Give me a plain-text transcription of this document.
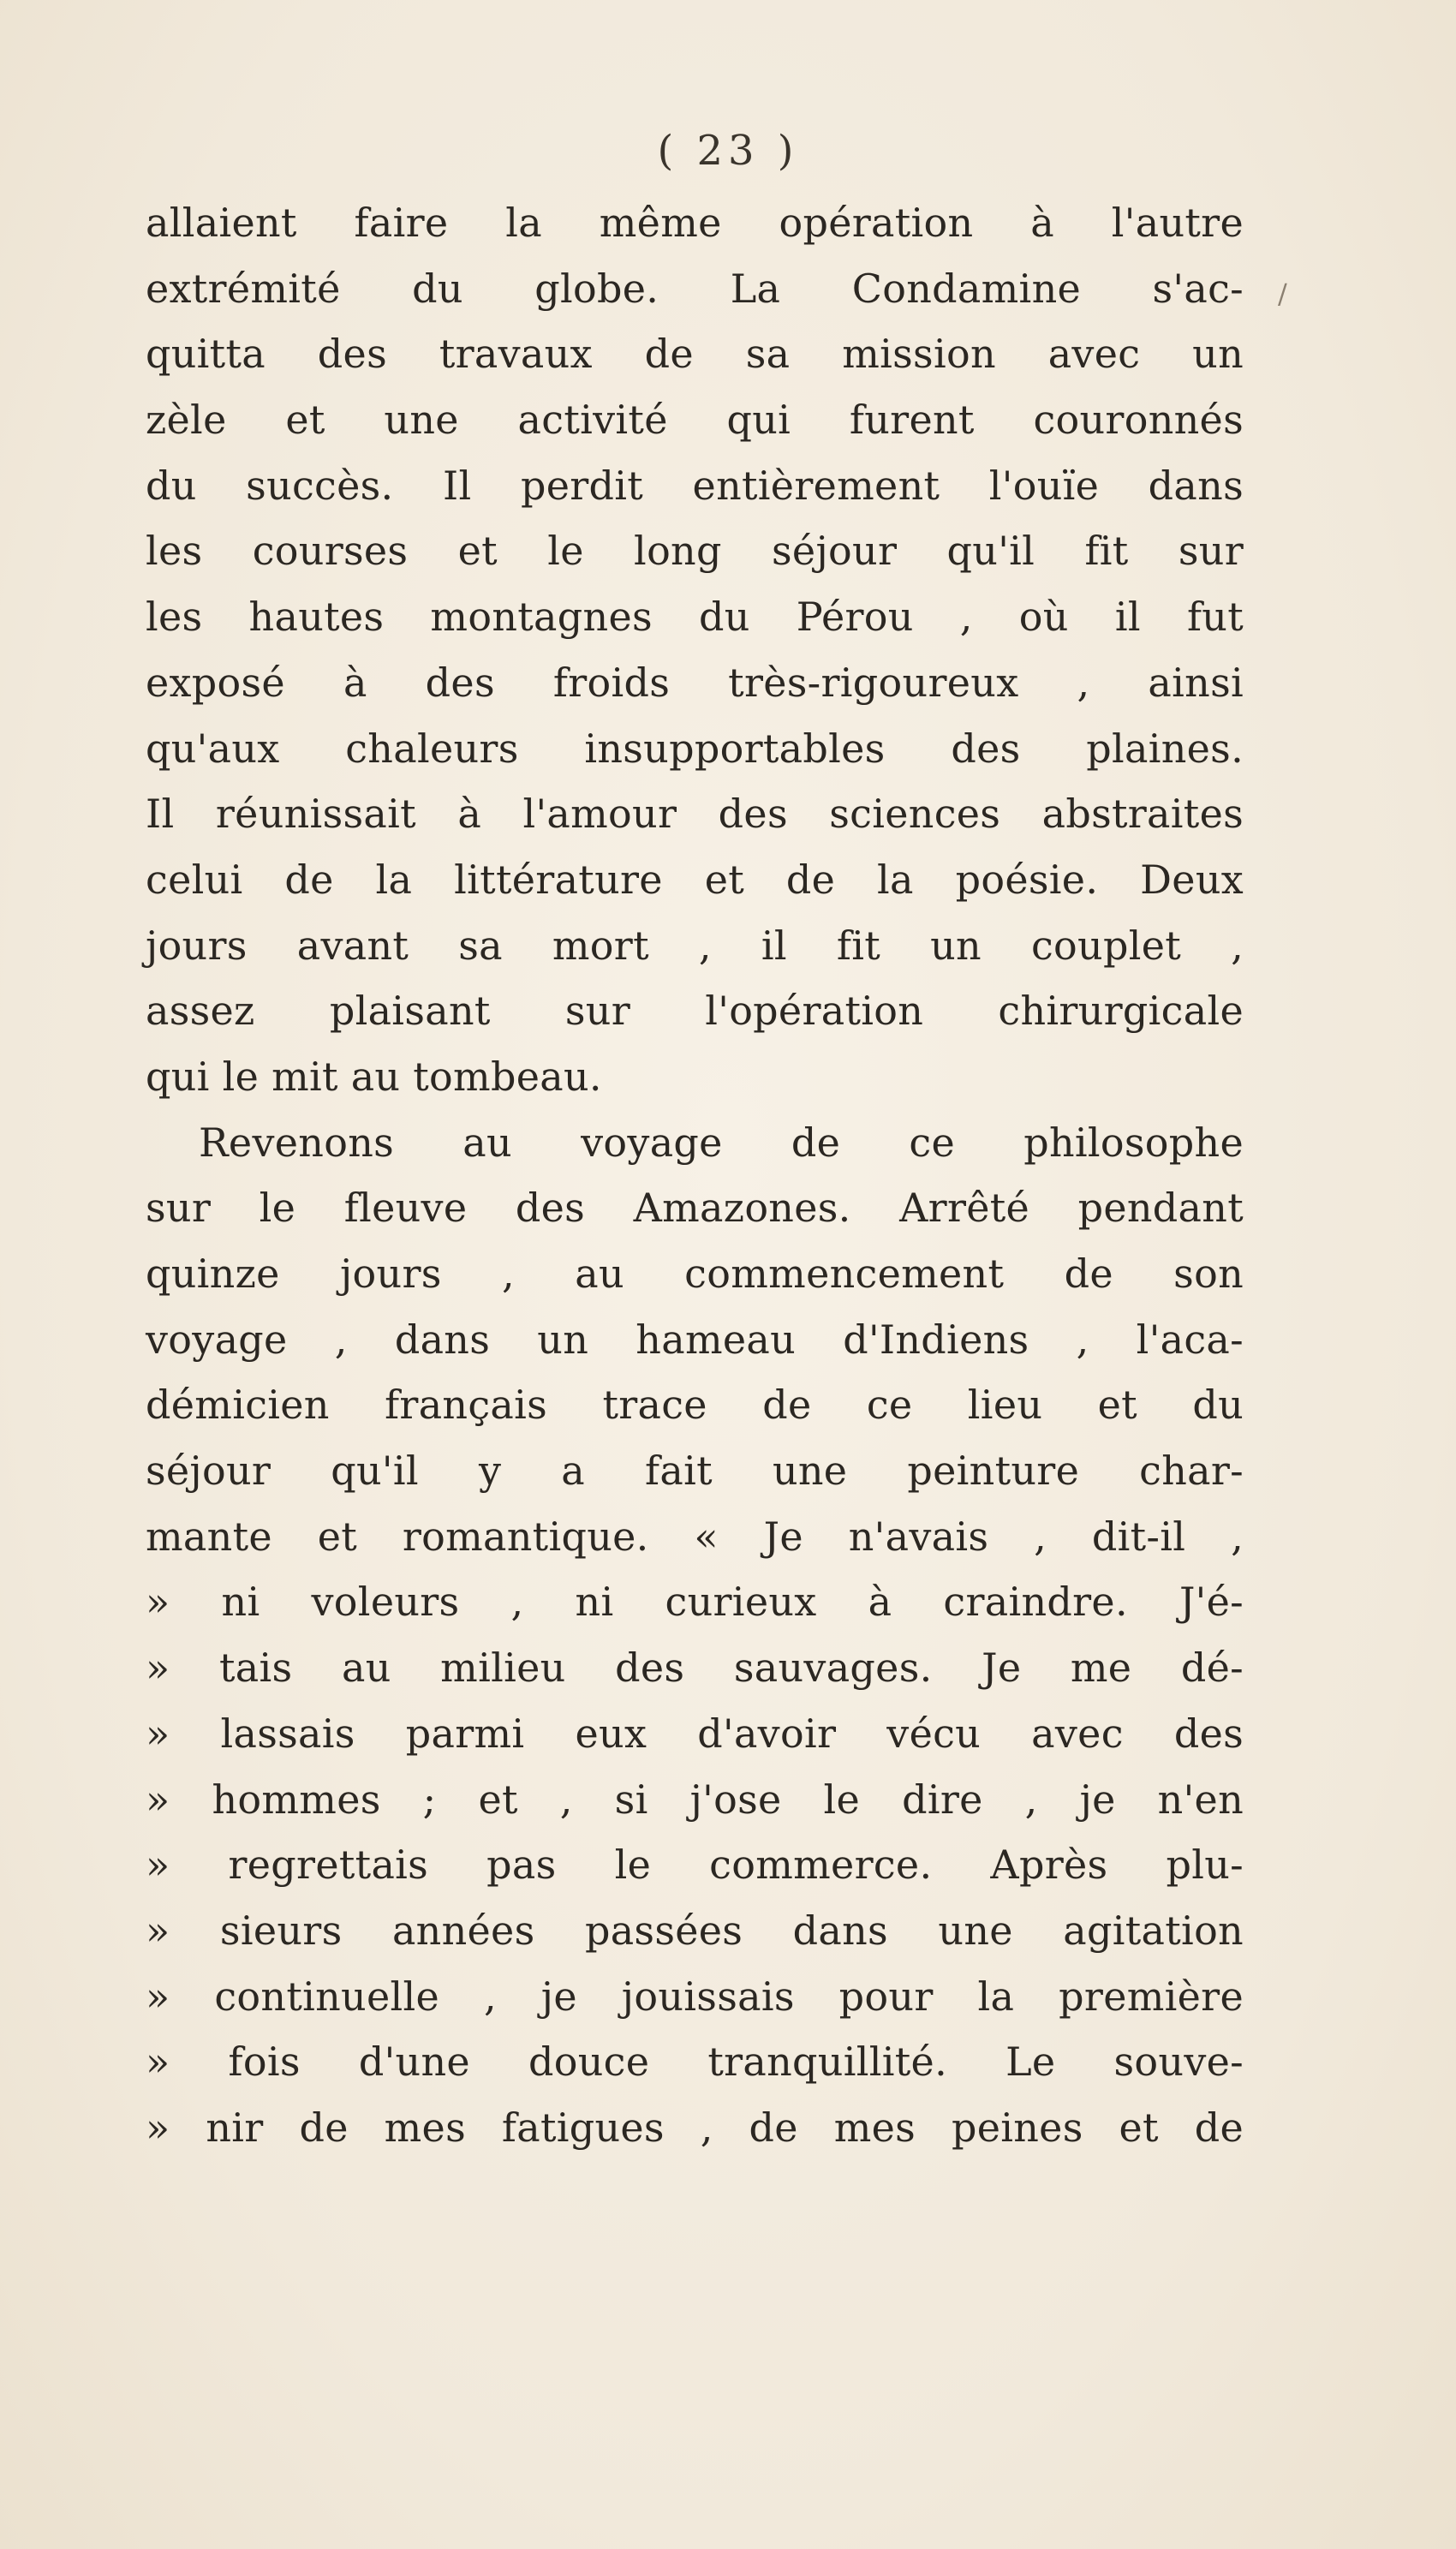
( 23 )
/
allaient faire la même opération à l'autre
extrémité du globe. La Condamine s'ac-
quitta des travaux de sa mission avec un
zèle et une activité qui furent couronnés
du succès. Il perdit entièrement l'ouïe dans
les courses et le long séjour qu'il fit sur
les hautes montagnes du Pérou , où il fut
exposé à des froids très-rigoureux , ainsi
qu'aux chaleurs insupportables des plaines.
Il réunissait à l'amour des sciences abstraites
celui de la littérature et de la poésie. Deux
jours avant sa mort , il fit un couplet ,
assez plaisant sur l'opération chirurgicale
qui le mit au tombeau.
Revenons au voyage de ce philosophe
sur le fleuve des Amazones. Arrêté pendant
quinze jours , au commencement de son
voyage , dans un hameau d'Indiens , l'aca-
démicien français trace de ce lieu et du
séjour qu'il y a fait une peinture char-
mante et romantique. « Je n'avais , dit-il ,
» ni voleurs , ni curieux à craindre. J'é-
» tais au milieu des sauvages. Je me dé-
» lassais parmi eux d'avoir vécu avec des
» hommes ; et , si j'ose le dire , je n'en
» regrettais pas le commerce. Après plu-
» sieurs années passées dans une agitation
» continuelle , je jouissais pour la première
» fois d'une douce tranquillité. Le souve-
» nir de mes fatigues , de mes peines et de
